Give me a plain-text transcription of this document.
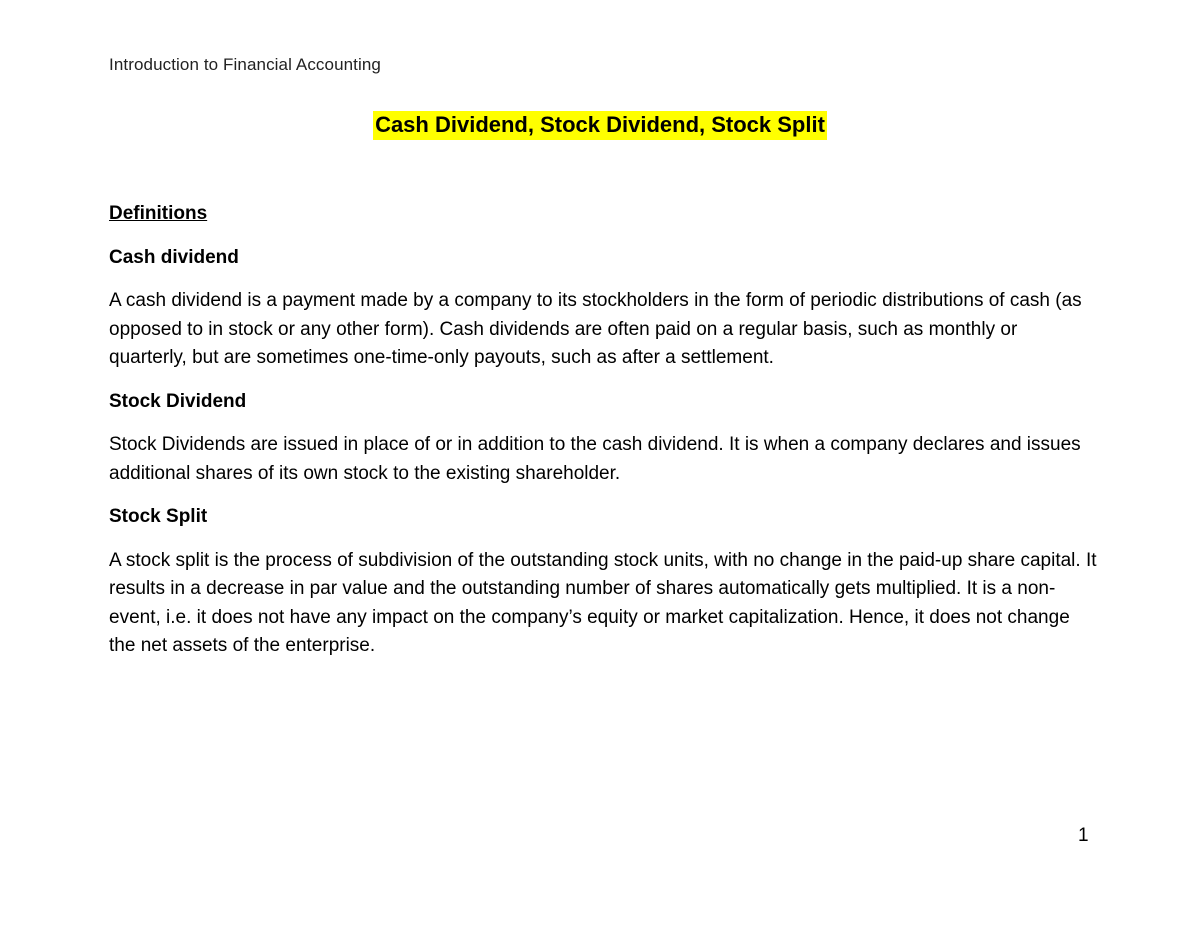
Introduction to Financial Accounting
Cash Dividend, Stock Dividend, Stock Split
Definitions
Cash dividend
A cash dividend is a payment made by a company to its stockholders in the form of periodic distributions of cash (as opposed to in stock or any other form). Cash dividends are often paid on a regular basis, such as monthly or quarterly, but are sometimes one-time-only payouts, such as after a settlement.
Stock Dividend
Stock Dividends are issued in place of or in addition to the cash dividend. It is when a company declares and issues additional shares of its own stock to the existing shareholder.
Stock Split
A stock split is the process of subdivision of the outstanding stock units, with no change in the paid-up share capital. It results in a decrease in par value and the outstanding number of shares automatically gets multiplied. It is a non-event, i.e. it does not have any impact on the company’s equity or market capitalization. Hence, it does not change the net assets of the enterprise.
1
